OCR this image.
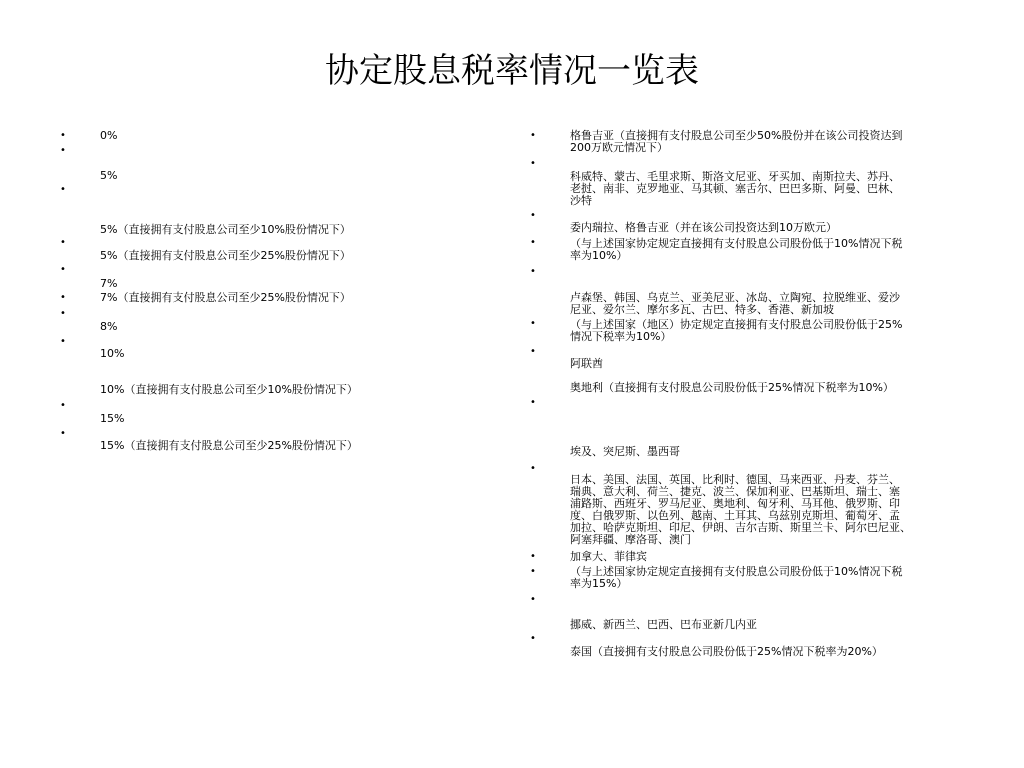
协定股息税率情况一览表
•
•
•
•
•
•
•
•
•
•
0%
5%
5%（直接拥有支付股息公司至少10%股份情况下）
5%（直接拥有支付股息公司至少25%股份情况下）
7%
7%（直接拥有支付股息公司至少25%股份情况下）
8%
10%
10%（直接拥有支付股息公司至少10%股份情况下）
15%
15%（直接拥有支付股息公司至少25%股份情况下）
•
•
•
•
•
•
•
•
•
•
•
•
•
格鲁吉亚（直接拥有支付股息公司至少50%股份并在该公司投资达到
200万欧元情况下）
科威特、蒙古、毛里求斯、斯洛文尼亚、牙买加、南斯拉夫、苏丹、
老挝、南非、克罗地亚、马其顿、塞舌尔、巴巴多斯、阿曼、巴林、
沙特
委内瑞拉、格鲁吉亚（并在该公司投资达到10万欧元）
（与上述国家协定规定直接拥有支付股息公司股份低于10%情况下税
率为10%）
卢森堡、韩国、乌克兰、亚美尼亚、冰岛、立陶宛、拉脱维亚、爱沙
尼亚、爱尔兰、摩尔多瓦、古巴、特多、香港、新加坡
（与上述国家（地区）协定规定直接拥有支付股息公司股份低于25%
情况下税率为10%）
阿联酋
奥地利（直接拥有支付股息公司股份低于25%情况下税率为10%）
埃及、突尼斯、墨西哥
日本、美国、法国、英国、比利时、德国、马来西亚、丹麦、芬兰、
瑞典、意大利、荷兰、捷克、波兰、保加利亚、巴基斯坦、瑞士、塞
浦路斯、西班牙、罗马尼亚、奥地利、匈牙利、马耳他、俄罗斯、印
度、白俄罗斯、以色列、越南、土耳其、乌兹别克斯坦、葡萄牙、孟
加拉、哈萨克斯坦、印尼、伊朗、吉尔吉斯、斯里兰卡、阿尔巴尼亚、
阿塞拜疆、摩洛哥、澳门
加拿大、菲律宾
（与上述国家协定规定直接拥有支付股息公司股份低于10%情况下税
率为15%）
挪威、新西兰、巴西、巴布亚新几内亚
泰国（直接拥有支付股息公司股份低于25%情况下税率为20%）
